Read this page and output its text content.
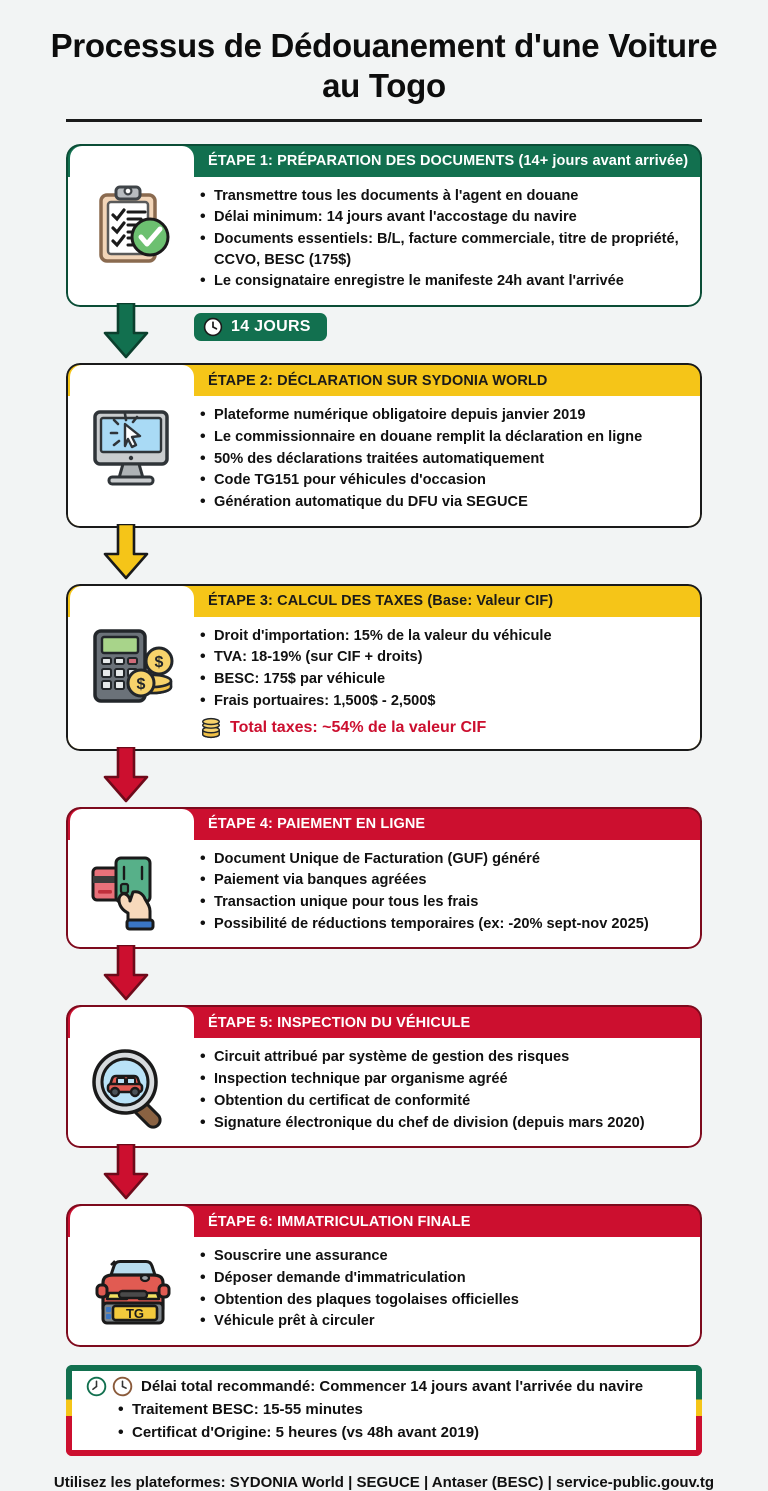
Processus de Dédouanement d'une Voiture au Togo
ÉTAPE 1: PRÉPARATION DES DOCUMENTS (14+ jours avant arrivée)
• Transmettre tous les documents à l'agent en douane
• Délai minimum: 14 jours avant l'accostage du navire
• Documents essentiels: B/L, facture commerciale, titre de propriété, CCVO, BESC (175$)
• Le consignataire enregistre le manifeste 24h avant l'arrivée
14 JOURS
ÉTAPE 2: DÉCLARATION SUR SYDONIA WORLD
• Plateforme numérique obligatoire depuis janvier 2019
• Le commissionnaire en douane remplit la déclaration en ligne
• 50% des déclarations traitées automatiquement
• Code TG151 pour véhicules d'occasion
• Génération automatique du DFU via SEGUCE
ÉTAPE 3: CALCUL DES TAXES (Base: Valeur CIF)
$
$
• Droit d'importation: 15% de la valeur du véhicule
• TVA: 18-19% (sur CIF + droits)
• BESC: 175$ par véhicule
• Frais portuaires: 1,500$ - 2,500$
Total taxes: ~54% de la valeur CIF
ÉTAPE 4: PAIEMENT EN LIGNE
• Document Unique de Facturation (GUF) généré
• Paiement via banques agréées
• Transaction unique pour tous les frais
• Possibilité de réductions temporaires (ex: -20% sept-nov 2025)
ÉTAPE 5: INSPECTION DU VÉHICULE
• Circuit attribué par système de gestion des risques
• Inspection technique par organisme agréé
• Obtention du certificat de conformité
• Signature électronique du chef de division (depuis mars 2020)
ÉTAPE 6: IMMATRICULATION FINALE
TG
• Souscrire une assurance
• Déposer demande d'immatriculation
• Obtention des plaques togolaises officielles
• Véhicule prêt à circuler
Délai total recommandé: Commencer 14 jours avant l'arrivée du navire
• Traitement BESC: 15-55 minutes
• Certificat d'Origine: 5 heures (vs 48h avant 2019)
Utilisez les plateformes: SYDONIA World | SEGUCE | Antaser (BESC) | service-public.gouv.tg
